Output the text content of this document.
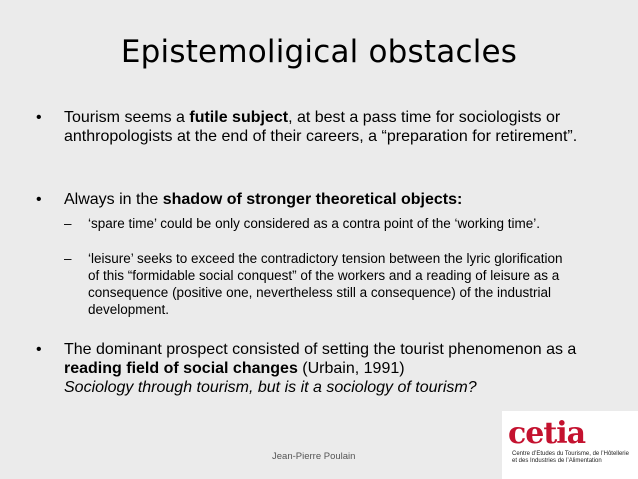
Epistemoligical obstacles
• Tourism seems a futile subject, at best a pass time for sociologists or anthropologists at the end of their careers, a “preparation for retirement”.
• Always in the shadow of stronger theoretical objects:
– ‘spare time’ could be only considered as a contra point of the ‘working time’.
– ‘leisure’ seeks to exceed the contradictory tension between the lyric glorification of this “formidable social conquest” of the workers and a reading of leisure as a consequence (positive one, nevertheless still a consequence) of the industrial development.
• The dominant prospect consisted of setting the tourist phenomenon as a reading field of social changes (Urbain, 1991)
Sociology through tourism, but is it a sociology of tourism?
Jean-Pierre Poulain
cetia
Centre d’Etudes du Tourisme, de l’Hôtellerie et des Industries de l’Alimentation
